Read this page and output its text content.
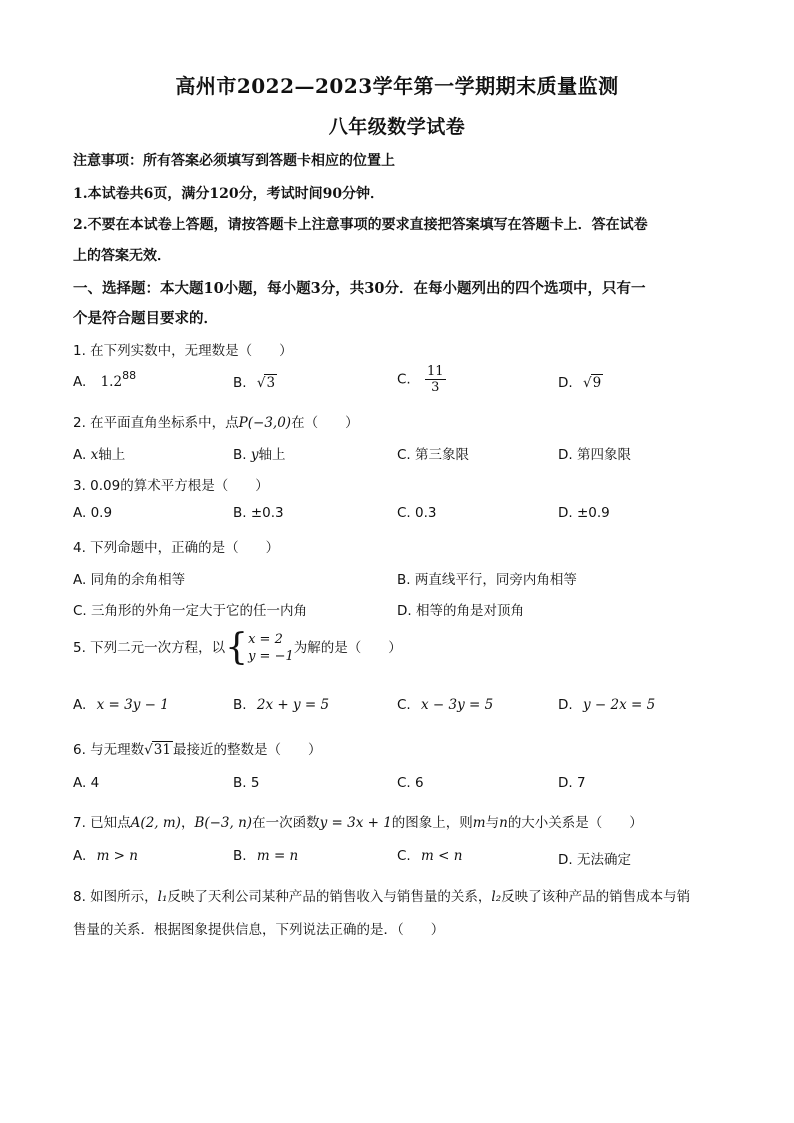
高州市2022—2023学年第一学期期末质量监测
八年级数学试卷
注意事项：所有答案必须填写到答题卡相应的位置上
1.本试卷共6页，满分120分，考试时间90分钟．
2.不要在本试卷上答题，请按答题卡上注意事项的要求直接把答案填写在答题卡上．答在试卷
上的答案无效．
一、选择题：本大题10小题，每小题3分，共30分．在每小题列出的四个选项中，只有一
个是符合题目要求的．
1. 在下列实数中，无理数是（　　）
A. $1.2^{88}$	B. √3	C. $\frac{11}{3}$	D. √9
2. 在平面直角坐标系中，点P(−3,0)在（　　）
A. x轴上	B. y轴上	C. 第三象限	D. 第四象限
3. 0.09的算术平方根是（　　）
A. 0.9	B. ±0.3	C. 0.3	D. ±0.9
4. 下列命题中，正确的是（　　）
A. 同角的余角相等	B. 两直线平行，同旁内角相等
C. 三角形的外角一定大于它的任一内角	D. 相等的角是对顶角
5. 下列二元一次方程，以{ x = 2
y = −1
为解的是（　　）
A. x = 3y − 1	B. 2x + y = 5	C. x − 3y = 5	D. y − 2x = 5
6. 与无理数√31 最接近的整数是（　　）
A. 4	B. 5	C. 6	D. 7
7. 已知点A(2, m)，B(−3, n)在一次函数y = 3x + 1的图象上，则m与n的大小关系是（　　）
A. m > n	B. m = n	C. m < n	D. 无法确定
8. 如图所示，l₁反映了天利公司某种产品的销售收入与销售量的关系，l₂反映了该种产品的销售成本与销
售量的关系．根据图象提供信息，下列说法正确的是．（　　）
